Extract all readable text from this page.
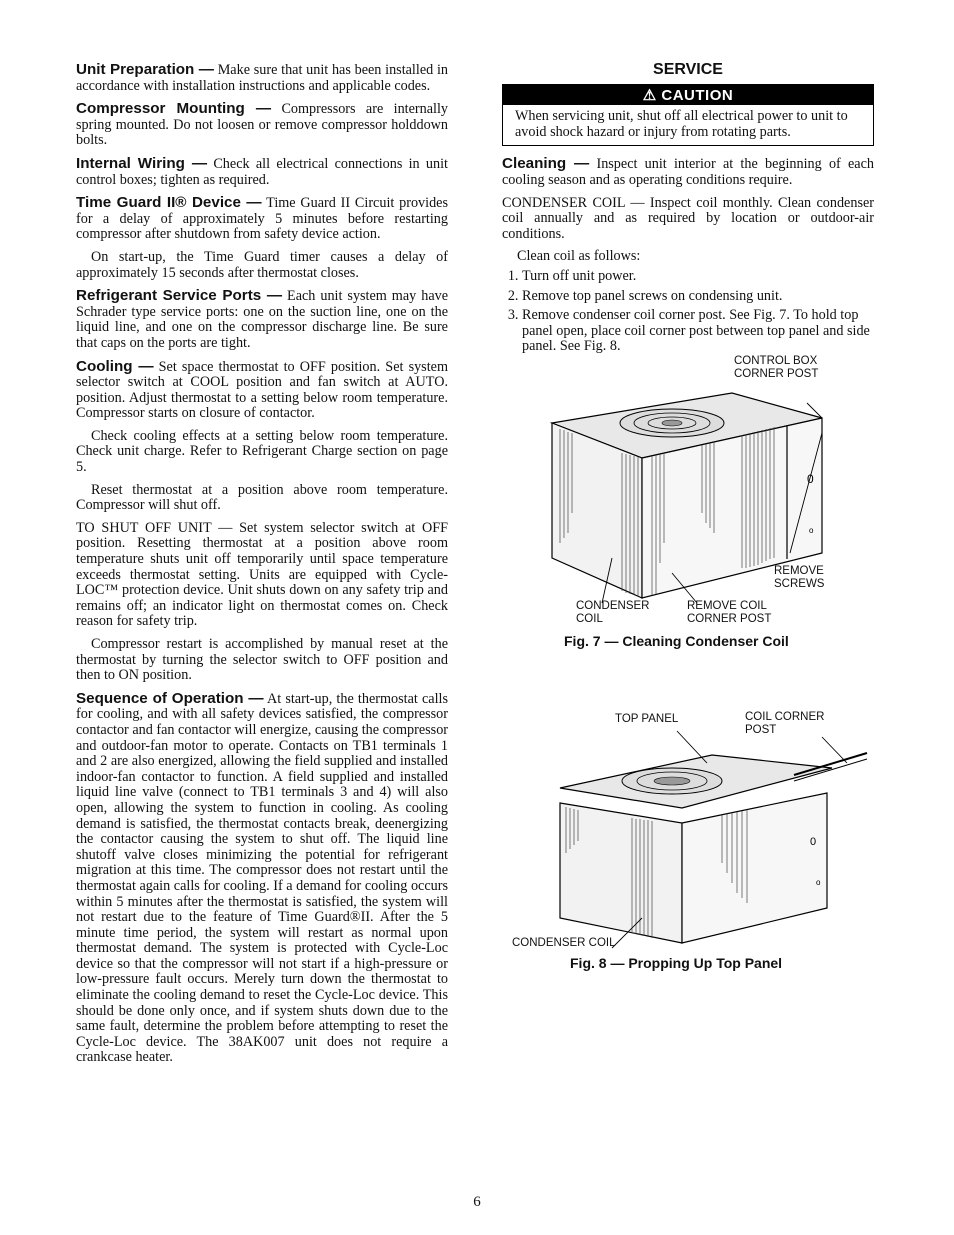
Unit Preparation — Make sure that unit has been installed in accordance with installation instructions and applicable codes.

Compressor Mounting — Compressors are internally spring mounted. Do not loosen or remove compressor holddown bolts.

Internal Wiring — Check all electrical connections in unit control boxes; tighten as required.

Time Guard II® Device — Time Guard II Circuit provides for a delay of approximately 5 minutes before restarting compressor after shutdown from safety device action.

On start-up, the Time Guard timer causes a delay of approximately 15 seconds after thermostat closes.

Refrigerant Service Ports — Each unit system may have Schrader type service ports: one on the suction line, one on the liquid line, and one on the compressor discharge line. Be sure that caps on the ports are tight.

Cooling — Set space thermostat to OFF position. Set system selector switch at COOL position and fan switch at AUTO. position. Adjust thermostat to a setting below room temperature. Compressor starts on closure of contactor.

Check cooling effects at a setting below room temperature. Check unit charge. Refer to Refrigerant Charge section on page 5.

Reset thermostat at a position above room temperature. Compressor will shut off.

TO SHUT OFF UNIT — Set system selector switch at OFF position. Resetting thermostat at a position above room temperature shuts unit off temporarily until space temperature exceeds thermostat setting. Units are equipped with Cycle-LOC™ protection device. Unit shuts down on any safety trip and remains off; an indicator light on thermostat comes on. Check reason for safety trip.

Compressor restart is accomplished by manual reset at the thermostat by turning the selector switch to OFF position and then to ON position.

Sequence of Operation — At start-up, the thermostat calls for cooling, and with all safety devices satisfied, the compressor contactor and fan contactor will energize, causing the compressor and outdoor-fan motor to operate. Contacts on TB1 terminals 1 and 2 are also energized, allowing the field supplied and installed indoor-fan contactor to function. A field supplied and installed liquid line valve (connect to TB1 terminals 3 and 4) will also open, allowing the system to function in cooling. As cooling demand is satisfied, the thermostat contacts break, deenergizing the contactor causing the system to shut off. The liquid line shutoff valve closes minimizing the potential for refrigerant migration at this time. The compressor does not restart until the thermostat again calls for cooling. If a demand for cooling occurs within 5 minutes after the thermostat is satisfied, the system will not restart due to the feature of Time Guard®II. After the 5 minute time period, the system will restart as normal upon thermostat demand. The system is protected with Cycle-Loc device so that the compressor will not start if a high-pressure or low-pressure fault occurs. Merely turn down the thermostat to eliminate the cooling demand to reset the Cycle-Loc device. This should be done only once, and if system shuts down due to the same fault, determine the problem before attempting to reset the Cycle-Loc device. The 38AK007 unit does not require a crankcase heater.

SERVICE
⚠ CAUTION
When servicing unit, shut off all electrical power to unit to avoid shock hazard or injury from rotating parts.

Cleaning — Inspect unit interior at the beginning of each cooling season and as operating conditions require.

CONDENSER COIL — Inspect coil monthly. Clean condenser coil annually and as required by location or outdoor-air conditions.

Clean coil as follows:

1. Turn off unit power.
2. Remove top panel screws on condensing unit.
3. Remove condenser coil corner post. See Fig. 7. To hold top panel open, place coil corner post between top panel and side panel. See Fig. 8.
0
o
CONTROL BOX
CORNER POST
REMOVE
SCREWS
CONDENSER
COIL
REMOVE COIL
CORNER POST
Fig. 7 — Cleaning Condenser Coil
0
o
TOP PANEL	COIL CORNER
POST
CONDENSER COIL
Fig. 8 — Propping Up Top Panel
6
